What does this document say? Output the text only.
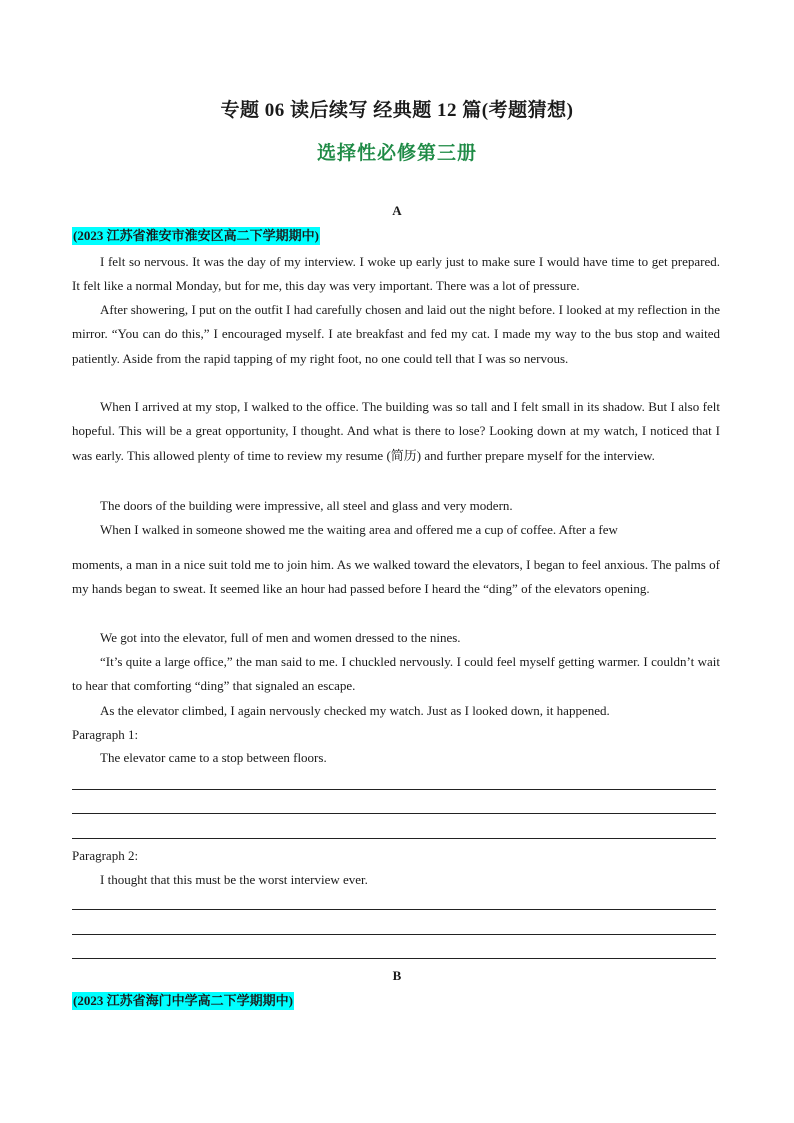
专题 06 读后续写 经典题 12 篇(考题猜想)
选择性必修第三册
A
(2023 江苏省淮安市淮安区高二下学期期中)
I felt so nervous. It was the day of my interview. I woke up early just to make sure I would have time to get prepared. It felt like a normal Monday, but for me, this day was very important. There was a lot of pressure.
After showering, I put on the outfit I had carefully chosen and laid out the night before. I looked at my reflection in the mirror. “You can do this,” I encouraged myself. I ate breakfast and fed my cat. I made my way to the bus stop and waited patiently. Aside from the rapid tapping of my right foot, no one could tell that I was so nervous.
When I arrived at my stop, I walked to the office. The building was so tall and I felt small in its shadow. But I also felt hopeful. This will be a great opportunity, I thought. And what is there to lose? Looking down at my watch, I noticed that I was early. This allowed plenty of time to review my resume (简历) and further prepare myself for the interview.
The doors of the building were impressive, all steel and glass and very modern.
When I walked in someone showed me the waiting area and offered me a cup of coffee. After a few
moments, a man in a nice suit told me to join him. As we walked toward the elevators, I began to feel anxious. The palms of my hands began to sweat. It seemed like an hour had passed before I heard the “ding” of the elevators opening.
We got into the elevator, full of men and women dressed to the nines.
“It’s quite a large office,” the man said to me. I chuckled nervously. I could feel myself getting warmer. I couldn’t wait to hear that comforting “ding” that signaled an escape.
As the elevator climbed, I again nervously checked my watch. Just as I looked down, it happened.
Paragraph 1:
The elevator came to a stop between floors.
Paragraph 2:
I thought that this must be the worst interview ever.
B
(2023 江苏省海门中学高二下学期期中)
